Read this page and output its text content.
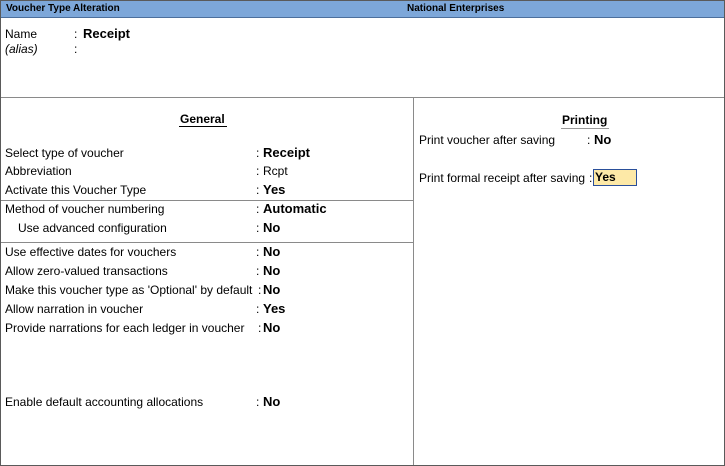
Voucher Type Alteration	National Enterprises
Name	: Receipt
(alias)	:
General
Select type of voucher	: Receipt
Abbreviation	: Rcpt
Activate this Voucher Type	: Yes
Method of voucher numbering	: Automatic
Use advanced configuration	: No
Use effective dates for vouchers	: No
Allow zero-valued transactions	: No
Make this voucher type as 'Optional' by default : No
Allow narration in voucher	: Yes
Provide narrations for each ledger in voucher : No
Enable default accounting allocations	: No
Printing
Print voucher after saving	: No
Print formal receipt after saving : Yes
